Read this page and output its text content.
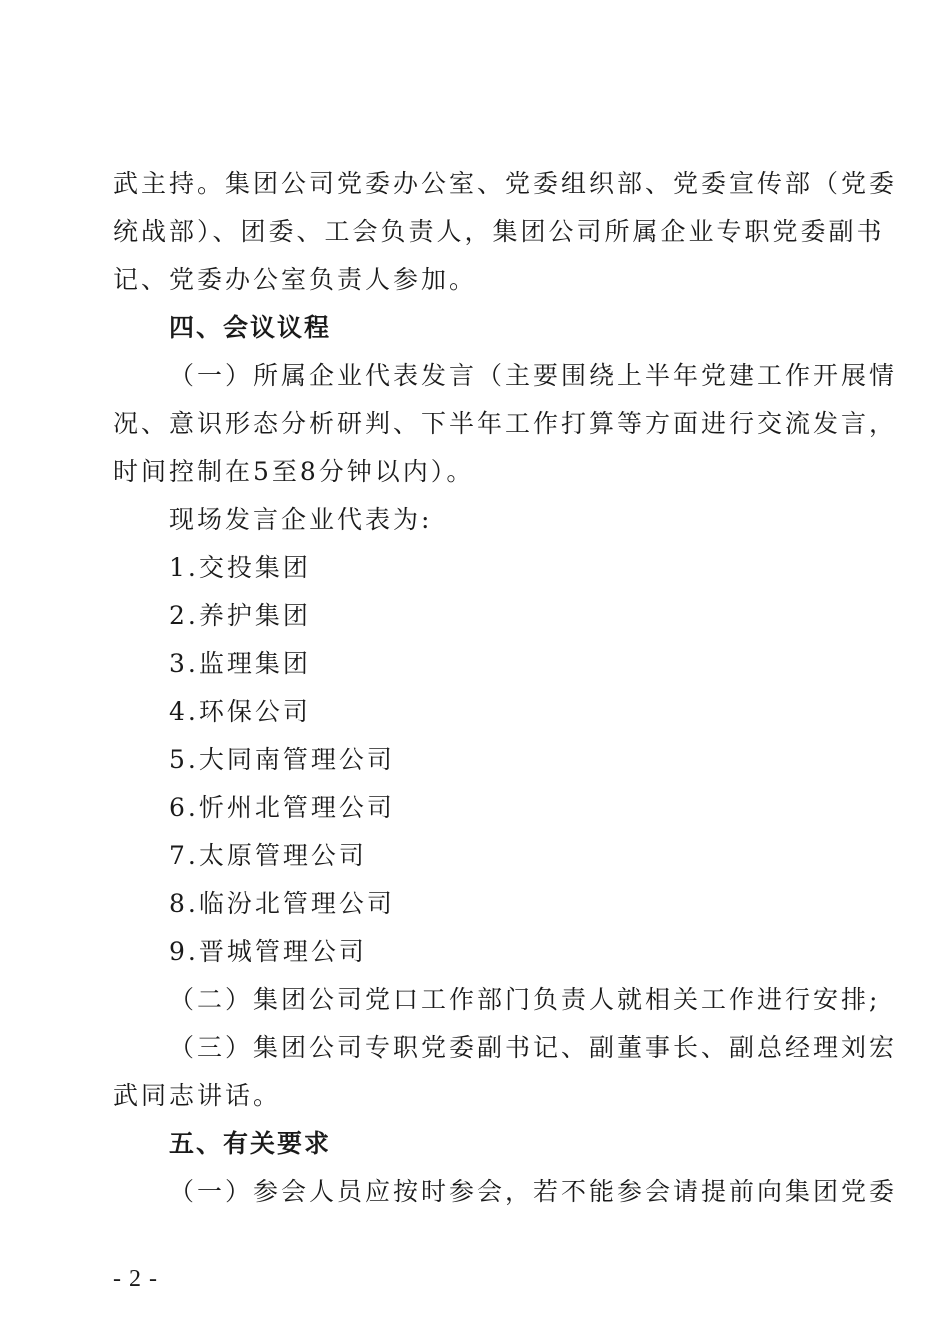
武主持。集团公司党委办公室、党委组织部、党委宣传部（党委
统战部）、团委、工会负责人，集团公司所属企业专职党委副书
记、党委办公室负责人参加。
四、会议议程
（一）所属企业代表发言（主要围绕上半年党建工作开展情
况、意识形态分析研判、下半年工作打算等方面进行交流发言，
时间控制在5至8分钟以内）。
现场发言企业代表为:
1.交投集团
2.养护集团
3.监理集团
4.环保公司
5.大同南管理公司
6.忻州北管理公司
7.太原管理公司
8.临汾北管理公司
9.晋城管理公司
（二）集团公司党口工作部门负责人就相关工作进行安排;
（三）集团公司专职党委副书记、副董事长、副总经理刘宏
武同志讲话。
五、有关要求
（一）参会人员应按时参会，若不能参会请提前向集团党委
- 2 -
